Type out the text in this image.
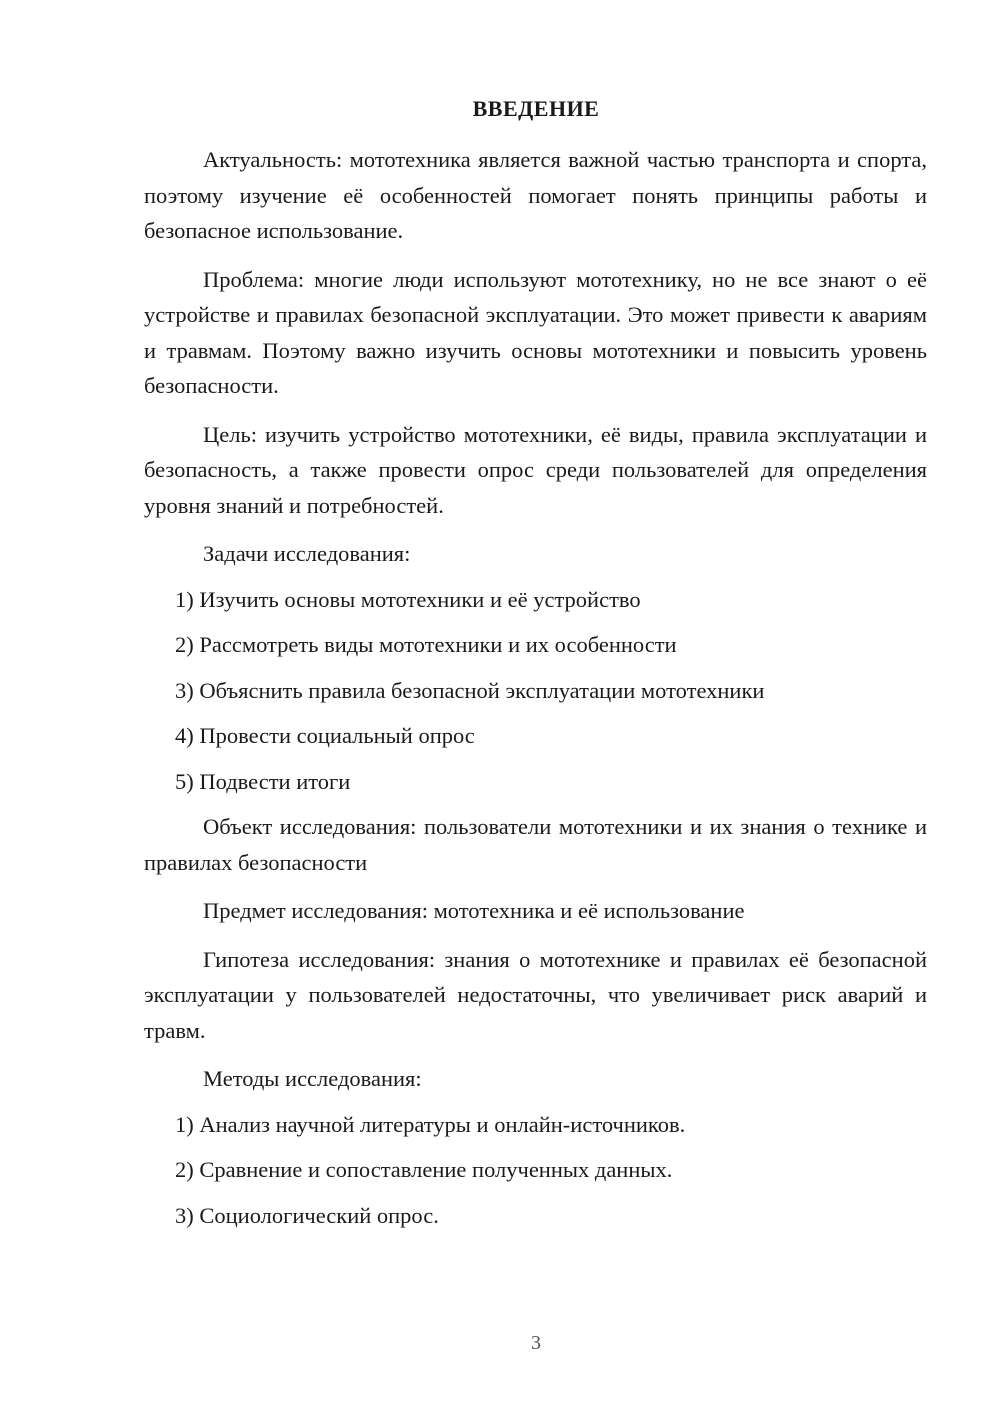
ВВЕДЕНИЕ

Актуальность: мототехника является важной частью транспорта и спорта, поэтому изучение её особенностей помогает понять принципы работы и безопасное использование.

Проблема: многие люди используют мототехнику, но не все знают о её устройстве и правилах безопасной эксплуатации. Это может привести к авариям и травмам. Поэтому важно изучить основы мототехники и повысить уровень безопасности.

Цель: изучить устройство мототехники, её виды, правила эксплуатации и безопасность, а также провести опрос среди пользователей для определения уровня знаний и потребностей.

Задачи исследования:

1) Изучить основы мототехники и её устройство
2) Рассмотреть виды мототехники и их особенности
3) Объяснить правила безопасной эксплуатации мототехники
4) Провести социальный опрос
5) Подвести итоги

Объект исследования: пользователи мототехники и их знания о технике и правилах безопасности

Предмет исследования: мототехника и её использование

Гипотеза исследования: знания о мототехнике и правилах её безопасной эксплуатации у пользователей недостаточны, что увеличивает риск аварий и травм.

Методы исследования:

1) Анализ научной литературы и онлайн-источников.
2) Сравнение и сопоставление полученных данных.
3) Социологический опрос.
3
